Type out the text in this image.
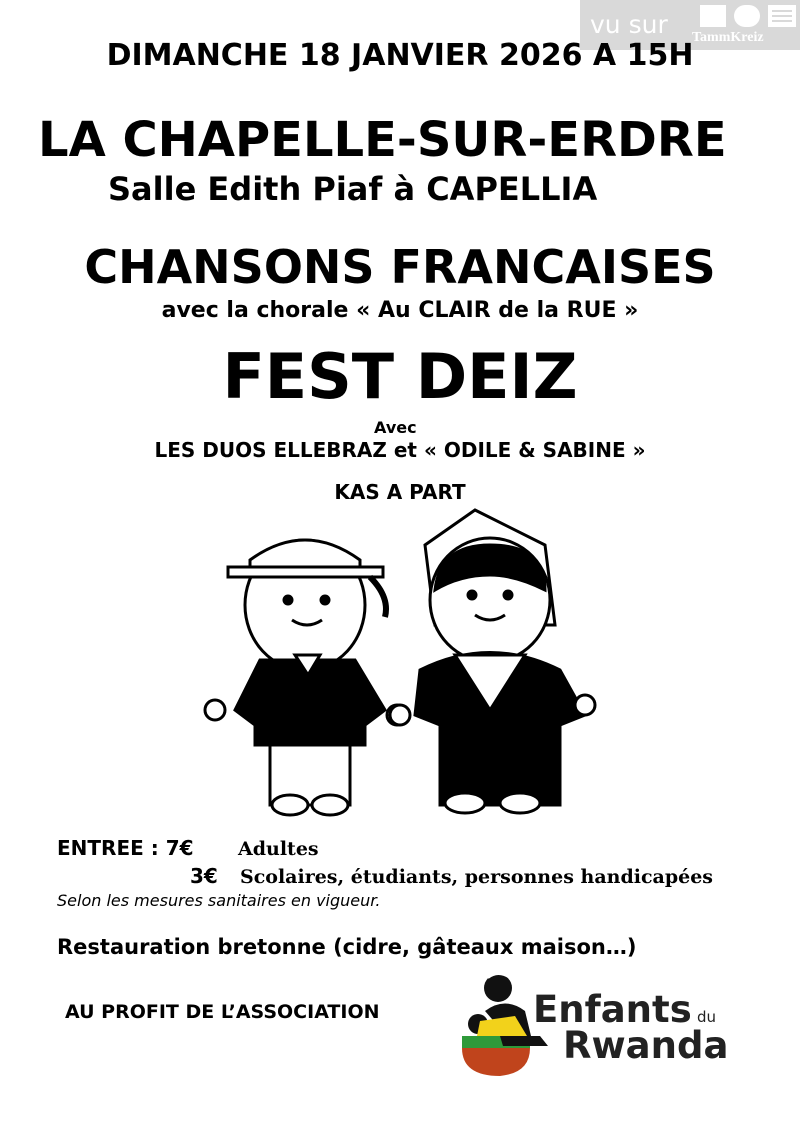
vu sur TammKreiz
DIMANCHE 18 JANVIER 2026 A 15H
LA CHAPELLE-SUR-ERDRE
Salle Edith Piaf à CAPELLIA
CHANSONS FRANCAISES
avec la chorale « Au CLAIR de la RUE »
FEST DEIZ
Avec
LES DUOS ELLEBRAZ et « ODILE & SABINE »
KAS A PART
ENTREE : 7€ Adultes
3€ Scolaires, étudiants, personnes handicapées
Selon les mesures sanitaires en vigueur.
Restauration bretonne (cidre, gâteaux maison…)
AU PROFIT DE L’ASSOCIATION	Enfants du
Rwanda
